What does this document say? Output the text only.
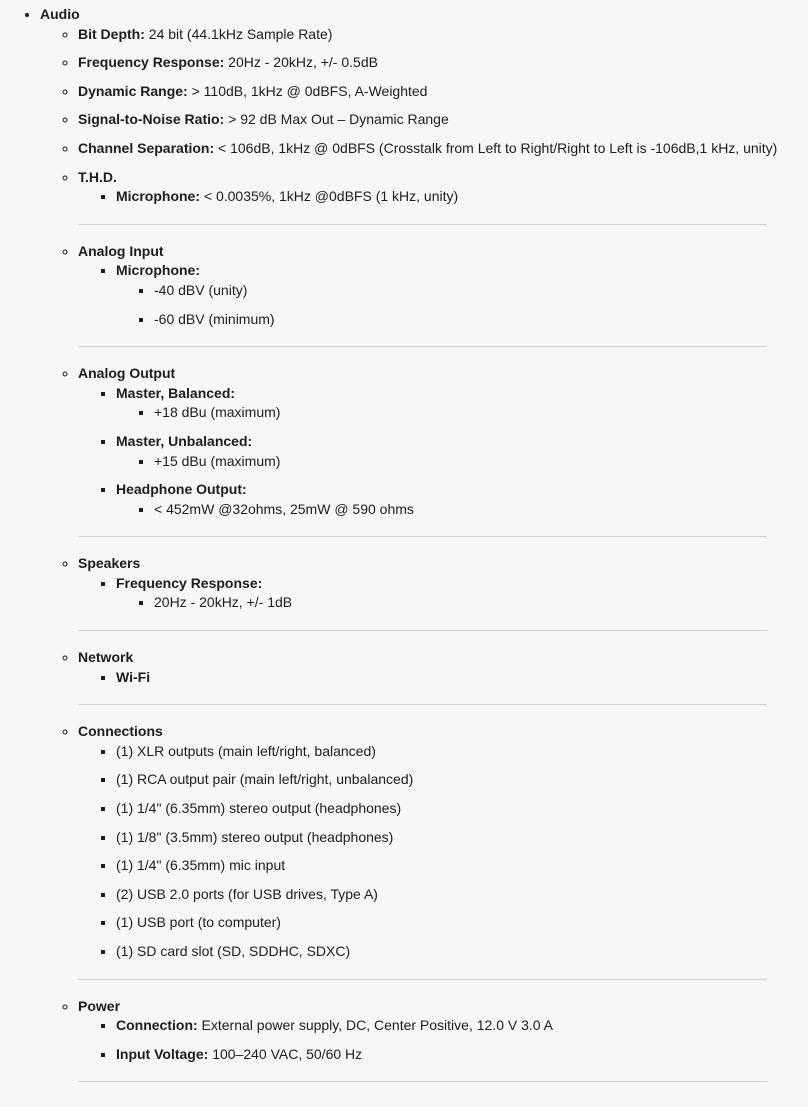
• Audio
◦ Bit Depth: 24 bit (44.1kHz Sample Rate)
◦ Frequency Response: 20Hz - 20kHz, +/- 0.5dB
◦ Dynamic Range: > 110dB, 1kHz @ 0dBFS, A-Weighted
◦ Signal-to-Noise Ratio: > 92 dB Max Out – Dynamic Range
◦ Channel Separation: < 106dB, 1kHz @ 0dBFS (Crosstalk from Left to Right/Right to Left is -106dB,1 kHz, unity)
◦ T.H.D.
▪ Microphone: < 0.0035%, 1kHz @0dBFS (1 kHz, unity)
◦ Analog Input
▪ Microphone:
▪ -40 dBV (unity)
▪ -60 dBV (minimum)
◦ Analog Output
▪ Master, Balanced:
▪ +18 dBu (maximum)
▪ Master, Unbalanced:
▪ +15 dBu (maximum)
▪ Headphone Output:
▪ < 452mW @32ohms, 25mW @ 590 ohms
◦ Speakers
▪ Frequency Response:
▪ 20Hz - 20kHz, +/- 1dB
◦ Network
▪ Wi-Fi
◦ Connections
▪ (1) XLR outputs (main left/right, balanced)
▪ (1) RCA output pair (main left/right, unbalanced)
▪ (1) 1/4" (6.35mm) stereo output (headphones)
▪ (1) 1/8" (3.5mm) stereo output (headphones)
▪ (1) 1/4" (6.35mm) mic input
▪ (2) USB 2.0 ports (for USB drives, Type A)
▪ (1) USB port (to computer)
▪ (1) SD card slot (SD, SDDHC, SDXC)
◦ Power
▪ Connection: External power supply, DC, Center Positive, 12.0 V 3.0 A
▪ Input Voltage: 100–240 VAC, 50/60 Hz
